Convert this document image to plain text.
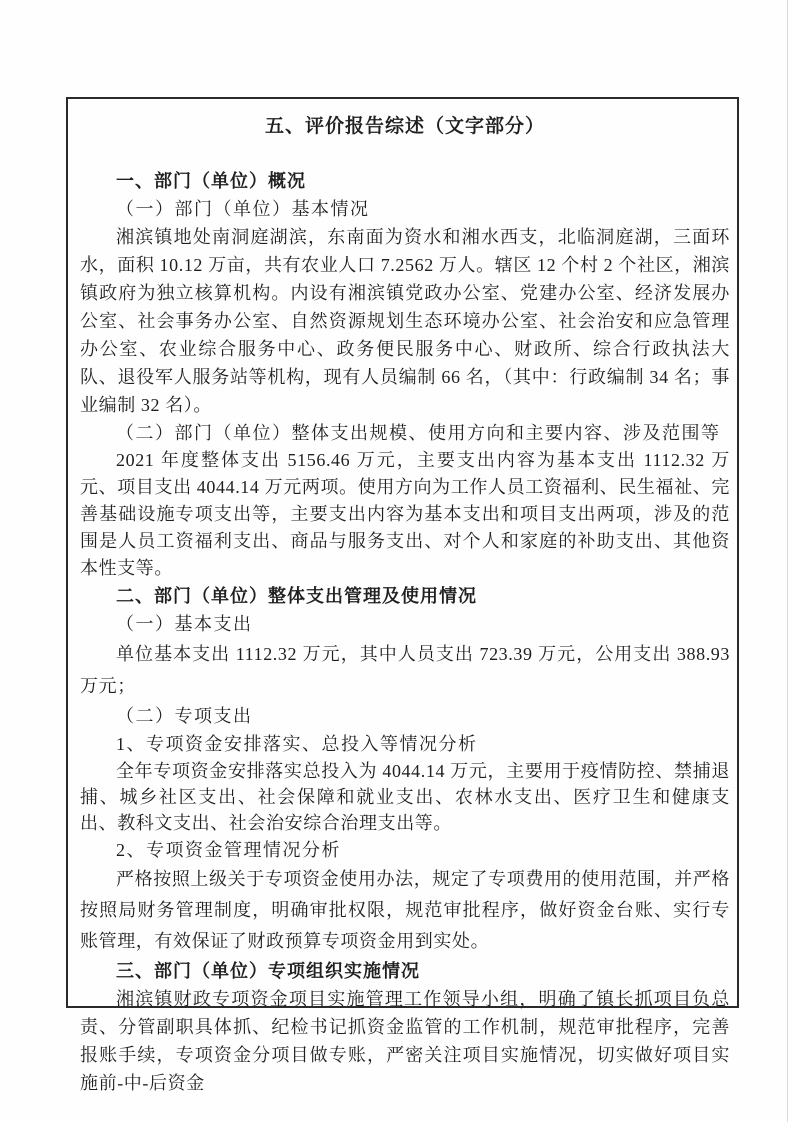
五、评价报告综述（文字部分）
一、部门（单位）概况
（一）部门（单位）基本情况
湘滨镇地处南洞庭湖滨，东南面为资水和湘水西支，北临洞庭湖，三面环水，面积 10.12 万亩，共有农业人口 7.2562 万人。辖区 12 个村 2 个社区，湘滨镇政府为独立核算机构。内设有湘滨镇党政办公室、党建办公室、经济发展办公室、社会事务办公室、自然资源规划生态环境办公室、社会治安和应急管理办公室、农业综合服务中心、政务便民服务中心、财政所、综合行政执法大队、退役军人服务站等机构，现有人员编制 66 名，（其中：行政编制 34 名；事业编制 32 名）。
（二）部门（单位）整体支出规模、使用方向和主要内容、涉及范围等
2021 年度整体支出 5156.46 万元，主要支出内容为基本支出 1112.32 万元、项目支出 4044.14 万元两项。使用方向为工作人员工资福利、民生福祉、完善基础设施专项支出等，主要支出内容为基本支出和项目支出两项，涉及的范围是人员工资福利支出、商品与服务支出、对个人和家庭的补助支出、其他资本性支等。
二、部门（单位）整体支出管理及使用情况
（一）基本支出
单位基本支出 1112.32 万元，其中人员支出 723.39 万元，公用支出 388.93 万元；
（二）专项支出
1、专项资金安排落实、总投入等情况分析
全年专项资金安排落实总投入为 4044.14 万元，主要用于疫情防控、禁捕退捕、城乡社区支出、社会保障和就业支出、农林水支出、医疗卫生和健康支出、教科文支出、社会治安综合治理支出等。
2、专项资金管理情况分析
严格按照上级关于专项资金使用办法，规定了专项费用的使用范围，并严格按照局财务管理制度，明确审批权限，规范审批程序，做好资金台账、实行专账管理，有效保证了财政预算专项资金用到实处。
三、部门（单位）专项组织实施情况
湘滨镇财政专项资金项目实施管理工作领导小组，明确了镇长抓项目负总责、分管副职具体抓、纪检书记抓资金监管的工作机制，规范审批程序，完善报账手续，专项资金分项目做专账，严密关注项目实施情况，切实做好项目实施前-中-后资金
